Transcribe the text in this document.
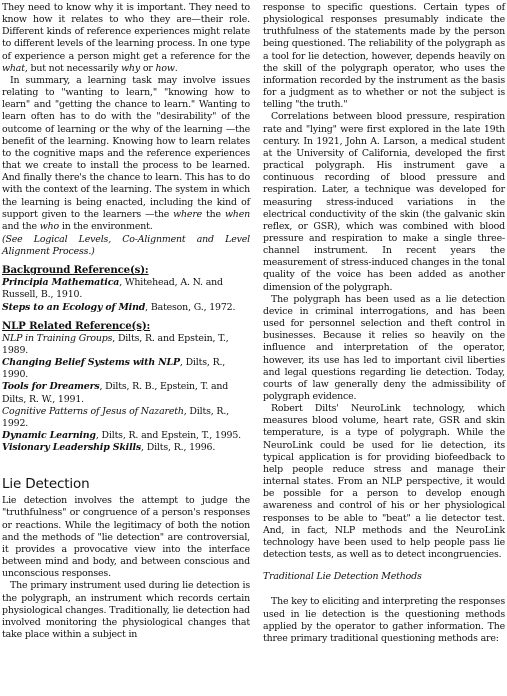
They need to know why it is important. They need to know how it relates to who they are—their role. Different kinds of reference experiences might relate to different levels of the learning process. In one type of experience a person might get a reference for the what, but not necessarily why or how.

In summary, a learning task may involve issues relating to "wanting to learn," "knowing how to learn" and "getting the chance to learn." Wanting to learn often has to do with the "desirability" of the outcome of learning or the why of the learning —the benefit of the learning. Knowing how to learn relates to the cognitive maps and the reference experiences that we create to install the process to be learned. And finally there's the chance to learn. This has to do with the context of the learning. The system in which the learning is being enacted, including the kind of support given to the learners —the where the when and the who in the environment.

(See Logical Levels, Co-Alignment and Level Alignment Process.)

Background Reference(s):

Principia Mathematica, Whitehead, A. N. and Russell, B., 1910.

Steps to an Ecology of Mind, Bateson, G., 1972.

NLP Related Reference(s):

NLP in Training Groups, Dilts, R. and Epstein, T., 1989.

Changing Belief Systems with NLP, Dilts, R., 1990.

Tools for Dreamers, Dilts, R. B., Epstein, T. and Dilts, R. W., 1991.

Cognitive Patterns of Jesus of Nazareth, Dilts, R., 1992.

Dynamic Learning, Dilts, R. and Epstein, T., 1995.

Visionary Leadership Skills, Dilts, R., 1996.

Lie Detection

Lie detection involves the attempt to judge the "truthfulness" or congruence of a person's responses or reactions. While the legitimacy of both the notion and the methods of "lie detection" are controversial, it provides a provocative view into the interface between mind and body, and between conscious and unconscious responses.

The primary instrument used during lie detection is the polygraph, an instrument which records certain physiological changes. Traditionally, lie detection had involved monitoring the physiological changes that take place within a subject in

response to specific questions. Certain types of physiological responses presumably indicate the truthfulness of the statements made by the person being questioned. The reliability of the polygraph as a tool for lie detection, however, depends heavily on the skill of the polygraph operator, who uses the information recorded by the instrument as the basis for a judgment as to whether or not the subject is telling "the truth."

Correlations between blood pressure, respiration rate and "lying" were first explored in the late 19th century. In 1921, John A. Larson, a medical student at the University of California, developed the first practical polygraph. His instrument gave a continuous recording of blood pressure and respiration. Later, a technique was developed for measuring stress-induced variations in the electrical conductivity of the skin (the galvanic skin reflex, or GSR), which was combined with blood pressure and respiration to make a single three-channel instrument. In recent years the measurement of stress-induced changes in the tonal quality of the voice has been added as another dimension of the polygraph.

The polygraph has been used as a lie detection device in criminal interrogations, and has been used for personnel selection and theft control in businesses. Because it relies so heavily on the influence and interpretation of the operator, however, its use has led to important civil liberties and legal questions regarding lie detection. Today, courts of law generally deny the admissibility of polygraph evidence.

Robert Dilts' NeuroLink technology, which measures blood volume, heart rate, GSR and skin temperature, is a type of polygraph. While the NeuroLink could be used for lie detection, its typical application is for providing biofeedback to help people reduce stress and manage their internal states. From an NLP perspective, it would be possible for a person to develop enough awareness and control of his or her physiological responses to be able to "beat" a lie detector test. And, in fact, NLP methods and the NeuroLink technology have been used to help people pass lie detection tests, as well as to detect incongruencies.

Traditional Lie Detection Methods

The key to eliciting and interpreting the responses used in lie detection is the questioning methods applied by the operator to gather information. The three primary traditional questioning methods are:
